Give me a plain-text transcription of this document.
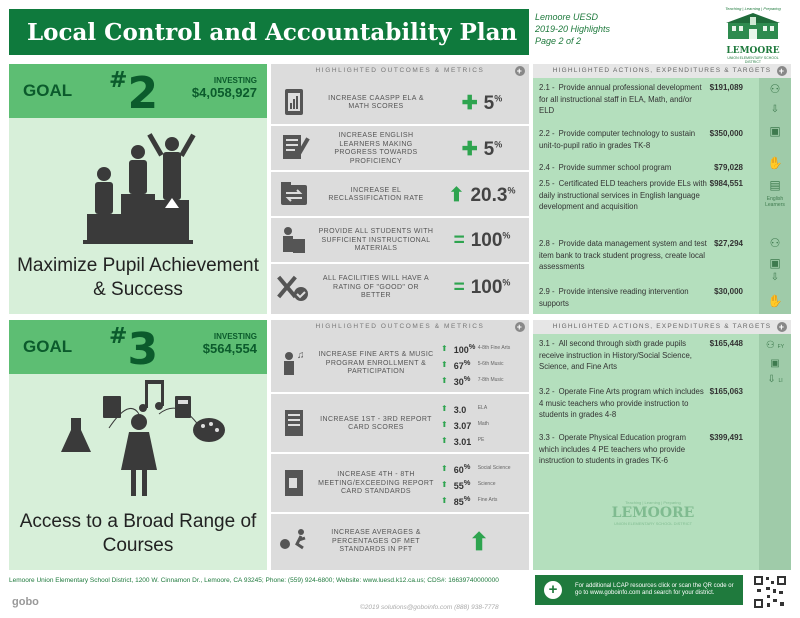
Local Control and Accountability Plan
Lemoore UESD
2019-20 Highlights
Page 2 of 2
Teaching | Learning | Preparing
LEMOORE
UNION ELEMENTARY SCHOOL DISTRICT
GOAL #2	INVESTING
$4,058,927
Maximize Pupil Achievement & Success
HIGHLIGHTED OUTCOMES & METRICS	+
INCREASE CAASPP ELA & MATH SCORES	✚ 5%
INCREASE ENGLISH LEARNERS MAKING PROGRESS TOWARDS PROFICIENCY
✚ 5%
INCREASE EL RECLASSIFICATION RATE	⬆ 20.3%
PROVIDE ALL STUDENTS WITH SUFFICIENT INSTRUCTIONAL MATERIALS	= 100%
ALL FACILITIES WILL HAVE A RATING OF "GOOD" OR BETTER	= 100%
HIGHLIGHTED ACTIONS, EXPENDITURES & TARGETS +
2.1 - Provide annual professional development for all instructional staff in ELA, Math, and/or ELD
$191,089
2.2 - Provide computer technology to sustain unit-to-pupil ratio in grades TK-8
$350,000
2.4 - Provide summer school program	$79,028
2.5 - Certificated ELD teachers provide ELs with daily instructional services in English language development and acquisition
$984,551
2.8 - Provide data management system and test item bank to track student progress, create local assessments
$27,294
2.9 - Provide intensive reading intervention supports
$30,000
⚇
⇩
▣
✋
▤
English Learners
⚇
▣
⇩
✋
GOAL #3	INVESTING
$564,554
Access to a Broad Range of Courses
HIGHLIGHTED OUTCOMES & METRICS	+
♫ INCREASE FINE ARTS & MUSIC PROGRAM ENROLLMENT & PARTICIPATION
⬆ 100% 4-8th Fine Arts
⬆ 67%	5-6th Music
⬆ 30%	7-8th Music
INCREASE 1ST - 3RD REPORT CARD SCORES
⬆ 3.0	ELA
⬆ 3.07	Math
⬆ 3.01	PE
INCREASE 4TH - 8TH MEETING/EXCEEDING REPORT CARD STANDARDS
⬆ 60%	Social Science
⬆ 55%	Science
⬆ 85%	Fine Arts
INCREASE AVERAGES & PERCENTAGES OF MET STANDARDS IN PFT	⬆
HIGHLIGHTED ACTIONS, EXPENDITURES & TARGETS +
3.1 - All second through sixth grade pupils receive instruction in History/Social Science, Science, and Fine Arts
$165,448
3.2 - Operate Fine Arts program which includes 4 music teachers who provide instruction to students in grades 4-8
$165,063
3.3 - Operate Physical Education program which includes 4 PE teachers who provide instruction to students in grades TK-6
$399,491
⚇ FY
▣
⇩ LI
Teaching | Learning | Preparing
LEMOORE
UNION ELEMENTARY SCHOOL DISTRICT
Lemoore Union Elementary School District, 1200 W. Cinnamon Dr., Lemoore, CA 93245; Phone: (559) 924-6800; Website: www.luesd.k12.ca.us; CDS#: 16639740000000
+	For additional LCAP resources click or scan the QR code or go to www.goboinfo.com and search for your district.
gobo	©2019 solutions@goboinfo.com (888) 938-7778
